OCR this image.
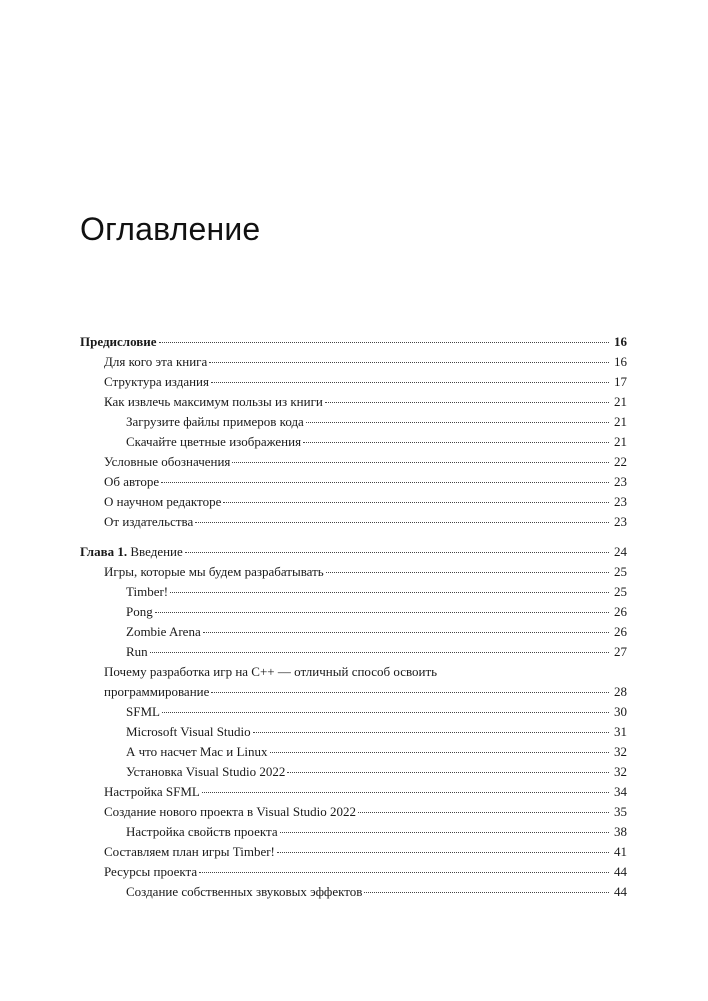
Оглавление
Предисловие	16
Для кого эта книга	16
Структура издания	17
Как извлечь максимум пользы из книги	21
Загрузите файлы примеров кода	21
Скачайте цветные изображения	21
Условные обозначения	22
Об авторе	23
О научном редакторе	23
От издательства	23
Глава 1. Введение	24
Игры, которые мы будем разрабатывать	25
Timber!	25
Pong	26
Zombie Arena	26
Run	27
Почему разработка игр на C++ — отличный способ освоить
программирование	28
SFML	30
Microsoft Visual Studio	31
А что насчет Mac и Linux	32
Установка Visual Studio 2022	32
Настройка SFML	34
Создание нового проекта в Visual Studio 2022	35
Настройка свойств проекта	38
Составляем план игры Timber!	41
Ресурсы проекта	44
Создание собственных звуковых эффектов	44
